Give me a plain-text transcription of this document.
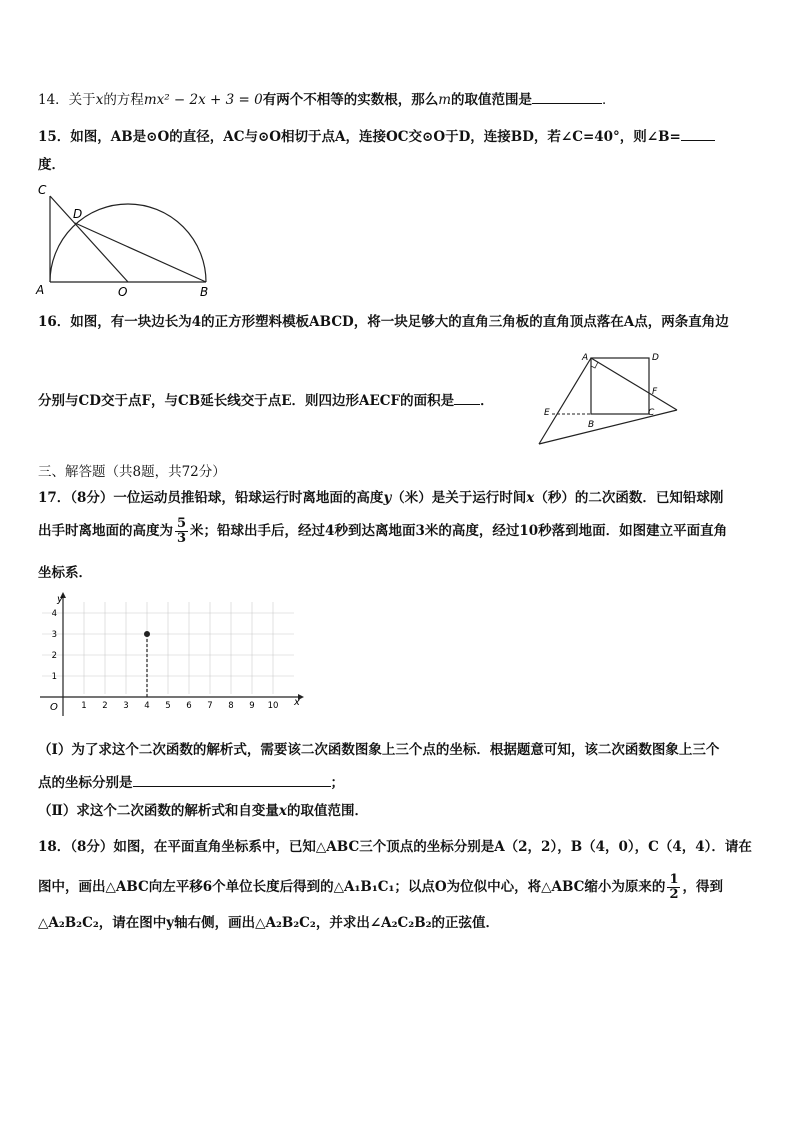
14．关于x的方程mx² − 2x + 3 = 0有两个不相等的实数根，那么m的取值范围是	．
15．如图，AB是⊙O的直径，AC与⊙O相切于点A，连接OC交⊙O于D，连接BD，若∠C=40°，则∠B=
度．
C
D
A	O	B
16．如图，有一块边长为4的正方形塑料模板ABCD，将一块足够大的直角三角板的直角顶点落在A点，两条直角边
分别与CD交于点F，与CB延长线交于点E．则四边形AECF的面积是 ．
A	D
F
E
B
C
三、解答题（共8题，共72分）
17．（8分）一位运动员推铅球，铅球运行时离地面的高度y（米）是关于运行时间x（秒）的二次函数．已知铅球刚
出手时离地面的高度为 $\frac{5}{3}$ 米；铅球出手后，经过4秒到达离地面3米的高度，经过10秒落到地面．如图建立平面直角
坐标系．
y
x
O
1
2
3
4
1 2 3 4 5 6 7 8 9 10
（Ⅰ）为了求这个二次函数的解析式，需要该二次函数图象上三个点的坐标．根据题意可知，该二次函数图象上三个
点的坐标分别是	；
（Ⅱ）求这个二次函数的解析式和自变量x的取值范围．
18．（8分）如图，在平面直角坐标系中，已知△ABC三个顶点的坐标分别是A（2，2），B（4，0），C（4，4）．请在
图中，画出△ABC向左平移6个单位长度后得到的△A₁B₁C₁；以点O为位似中心，将△ABC缩小为原来的 $\frac{1}{2}$ ，得到
△A₂B₂C₂，请在图中y轴右侧，画出△A₂B₂C₂，并求出∠A₂C₂B₂的正弦值．
